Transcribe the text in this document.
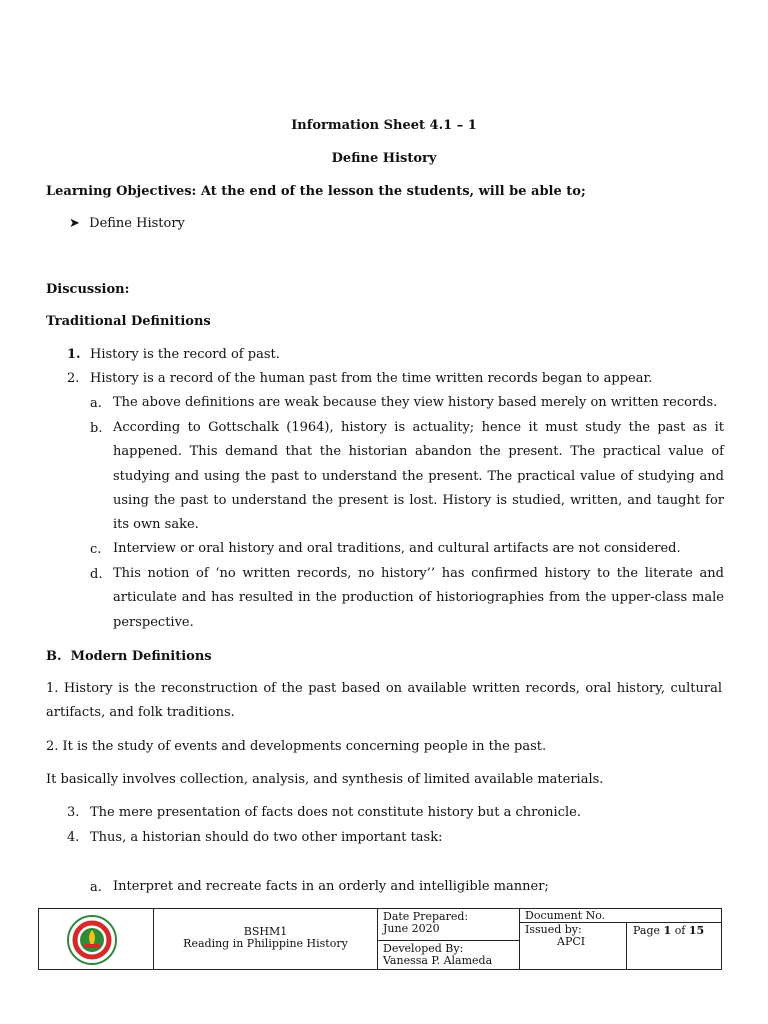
Information Sheet 4.1 – 1
Define History
Learning Objectives: At the end of the lesson the students, will be able to;
➤ Define History
Discussion:
Traditional Definitions
1. History is the record of past.
2. History is a record of the human past from the time written records began to appear.
a. The above definitions are weak because they view history based merely on written records.
b. According to Gottschalk (1964), history is actuality; hence it must study the past as it happened. This demand that the historian abandon the present. The practical value of studying and using the past to understand the present. The practical value of studying and using the past to understand the present is lost. History is studied, written, and taught for its own sake.
c. Interview or oral history and oral traditions, and cultural artifacts are not considered.
d. This notion of ‘no written records, no history’’ has confirmed history to the literate and articulate and has resulted in the production of historiographies from the upper-class male perspective.
B. Modern Definitions
1. History is the reconstruction of the past based on available written records, oral history, cultural artifacts, and folk traditions.
2. It is the study of events and developments concerning people in the past.
It basically involves collection, analysis, and synthesis of limited available materials.
3. The mere presentation of facts does not constitute history but a chronicle.
4. Thus, a historian should do two other important task:
a. Interpret and recreate facts in an orderly and intelligible manner;
BSHM1
Reading in Philippine History
Date Prepared:
June 2020
Developed By:
Vanessa P. Alameda
Document No.
Issued by:
APCI
Page 1 of 15
